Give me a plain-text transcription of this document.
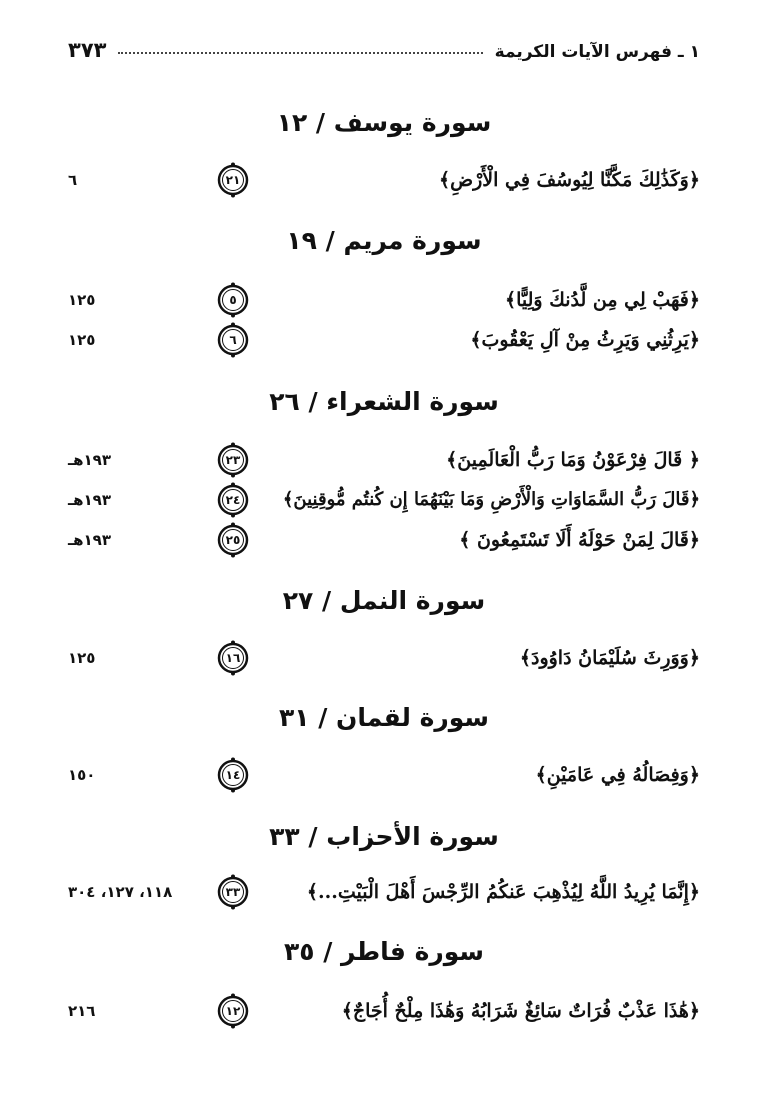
١ ـ فهرس الآيات الكريمة
٣٧٣
سورة يوسف / ١٢
﴿وَكَذَٰلِكَ مَكَّنَّا لِيُوسُفَ فِي الْأَرْضِ﴾
٢١
٦
سورة مريم / ١٩
﴿فَهَبْ لِي مِن لَّدُنكَ وَلِيًّا﴾
٥
١٢٥
﴿يَرِثُنِي وَيَرِثُ مِنْ آلِ يَعْقُوبَ﴾
٦
١٢٥
سورة الشعراء / ٢٦
﴿ قَالَ فِرْعَوْنُ وَمَا رَبُّ الْعَالَمِينَ﴾
٢٣
١٩٣هـ
﴿قَالَ رَبُّ السَّمَاوَاتِ وَالْأَرْضِ وَمَا بَيْنَهُمَا إِن كُنتُم مُّوقِنِينَ﴾
٢٤
١٩٣هـ
﴿قَالَ لِمَنْ حَوْلَهُ أَلَا تَسْتَمِعُونَ ﴾
٢٥
١٩٣هـ
سورة النمل / ٢٧
﴿وَوَرِثَ سُلَيْمَانُ دَاوُودَ﴾
١٦
١٢٥
سورة لقمان / ٣١
﴿وَفِصَالُهُ فِي عَامَيْنِ﴾
١٤
١٥٠
سورة الأحزاب / ٣٣
﴿إِنَّمَا يُرِيدُ اللَّهُ لِيُذْهِبَ عَنكُمُ الرِّجْسَ أَهْلَ الْبَيْتِ...﴾
٣٣
١١٨، ١٢٧، ٣٠٤
سورة فاطر / ٣٥
﴿هَٰذَا عَذْبٌ فُرَاتٌ سَائِغٌ شَرَابُهُ وَهَٰذَا مِلْحٌ أُجَاجٌ﴾
١٢
٢١٦
